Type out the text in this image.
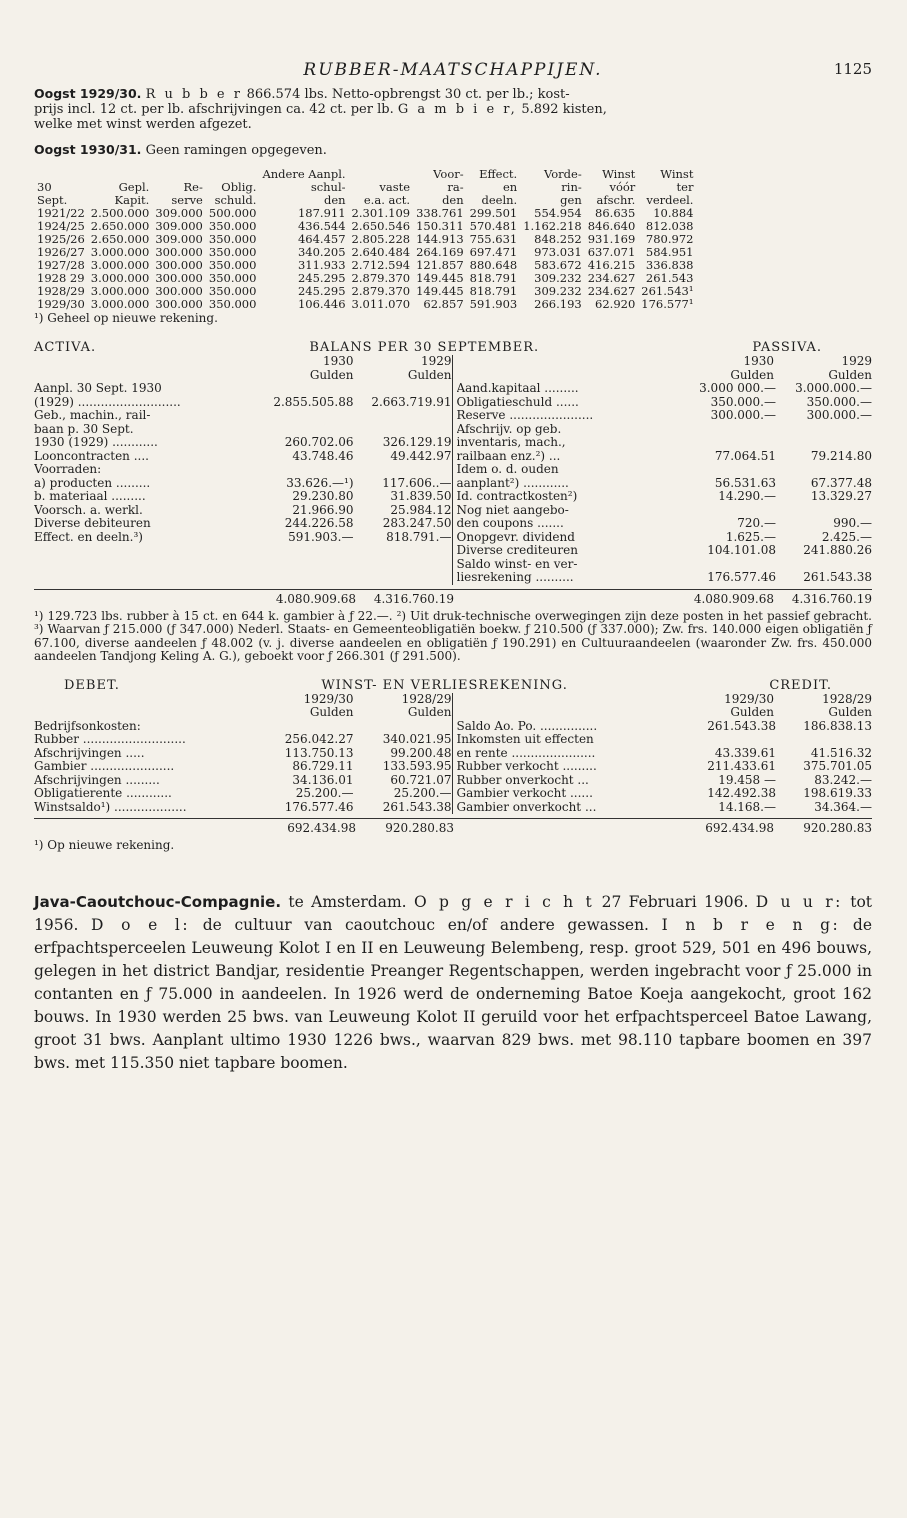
RUBBER-MAATSCHAPPIJEN.	1125

Oogst 1929/30. R u b b e r 866.574 lbs. Netto-opbrengst 30 ct. per lb.; kost-
prijs incl. 12 ct. per lb. afschrijvingen ca. 42 ct. per lb. G a m b i e r, 5.892 kisten,
welke met winst werden afgezet.

Oogst 1930/31. Geen ramingen opgegeven.

				Andere Aanpl.		Voor-	Effect.	Vorde-	Winst	Winst
30	Gepl.	Re-	Oblig.	schul-	vaste	ra-	en	rin-	vóór	ter
Sept.	Kapit.	serve	schuld.	den	e.a. act.	den	deeln.	gen	afschr.	verdeel.
1921/22	2.500.000	309.000	500.000	187.911	2.301.109	338.761	299.501	554.954	86.635	10.884
1924/25	2.650.000	309.000	350.000	436.544	2.650.546	150.311	570.481	1.162.218	846.640	812.038
1925/26	2.650.000	309.000	350.000	464.457	2.805.228	144.913	755.631	848.252	931.169	780.972
1926/27	3.000.000	300.000	350.000	340.205	2.640.484	264.169	697.471	973.031	637.071	584.951
1927/28	3.000.000	300.000	350.000	311.933	2.712.594	121.857	880.648	583.672	416.215	336.838
1928 29	3.000.000	300.000	350.000	245.295	2.879.370	149.445	818.791	309.232	234.627	261.543
1928/29	3.000.000	300.000	350.000	245.295	2.879.370	149.445	818.791	309.232	234.627	261.543¹
1929/30	3.000.000	300.000	350.000	106.446	3.011.070	62.857	591.903	266.193	62.920	176.577¹
¹) Geheel op nieuwe rekening.
ACTIVA.	BALANS PER 30 SEPTEMBER.	PASSIVA.
1930	1929
Gulden	Gulden
Aanpl. 30 Sept. 1930
(1929) ...........................	2.855.505.88	2.663.719.91
Geb., machin., rail-
baan p. 30 Sept.
1930 (1929) ............	260.702.06	326.129.19
Looncontracten ....	43.748.46	49.442.97
Voorraden:
a) producten .........	33.626.—¹)	117.606..—
b. materiaal .........	29.230.80	31.839.50
Voorsch. a. werkl.	21.966.90	25.984.12
Diverse debiteuren	244.226.58	283.247.50
Effect. en deeln.³)	591.903.—	818.791.—
1930	1929
Gulden	Gulden
Aand.kapitaal .........	3.000 000.—	3.000.000.—
Obligatieschuld ......	350.000.—	350.000.—
Reserve ......................	300.000.—	300.000.—
Afschrijv. op geb.
inventaris, mach.,
railbaan enz.²) ...	77.064.51	79.214.80
Idem o. d. ouden
aanplant²) ............	56.531.63	67.377.48
Id. contractkosten²)	14.290.—	13.329.27
Nog niet aangebo-
den coupons .......	720.—	990.—
Onopgevr. dividend	1.625.—	2.425.—
Diverse crediteuren	104.101.08	241.880.26
Saldo winst- en ver-
liesrekening ..........	176.577.46	261.543.38
4.080.909.68	4.316.760.19	4.080.909.68	4.316.760.19

¹) 129.723 lbs. rubber à 15 ct. en 644 k. gambier à ƒ 22.—. ²) Uit druk-technische overwegingen zijn deze posten in het passief gebracht. ³) Waarvan ƒ 215.000 (ƒ 347.000) Nederl. Staats- en Gemeenteobligatiën boekw. ƒ 210.500 (ƒ 337.000); Zw. frs. 140.000 eigen obligatiën ƒ 67.100, diverse aandeelen ƒ 48.002 (v. j. diverse aandeelen en obligatiën ƒ 190.291) en Cultuuraandeelen (waaronder Zw. frs. 450.000 aandeelen Tandjong Keling A. G.), geboekt voor ƒ 266.301 (ƒ 291.500).

DEBET.	WINST- EN VERLIESREKENING.	CREDIT.
1929/30	1928/29
Gulden	Gulden
Bedrijfsonkosten:
Rubber ...........................	256.042.27	340.021.95
Afschrijvingen .....	113.750.13	99.200.48
Gambier ......................	86.729.11	133.593.95
Afschrijvingen .........	34.136.01	60.721.07
Obligatierente ............	25.200.—	25.200.—
Winstsaldo¹) ...................	176.577.46	261.543.38
1929/30	1928/29
Gulden	Gulden
Saldo Ao. Po. ...............	261.543.38	186.838.13
Inkomsten uit effecten
en rente ......................	43.339.61	41.516.32
Rubber verkocht .........	211.433.61	375.701.05
Rubber onverkocht ...	19.458 —	83.242.—
Gambier verkocht ......	142.492.38	198.619.33
Gambier onverkocht ...	14.168.—	34.364.—
692.434.98	920.280.83	692.434.98	920.280.83
¹) Op nieuwe rekening.

Java-Caoutchouc-Compagnie. te Amsterdam. O p g e r i c h t 27 Februari 1906. D u u r: tot 1956. D o e l: de cultuur van caoutchouc en/of andere gewassen. I n b r e n g: de erfpachtsperceelen Leuweung Kolot I en II en Leuweung Belembeng, resp. groot 529, 501 en 496 bouws, gelegen in het district Bandjar, residentie Preanger Regentschappen, werden ingebracht voor ƒ 25.000 in contanten en ƒ 75.000 in aandeelen. In 1926 werd de onderneming Batoe Koeja aangekocht, groot 162 bouws. In 1930 werden 25 bws. van Leuweung Kolot II geruild voor het erfpachtsperceel Batoe Lawang, groot 31 bws. Aanplant ultimo 1930 1226 bws., waarvan 829 bws. met 98.110 tapbare boomen en 397 bws. met 115.350 niet tapbare boomen.
